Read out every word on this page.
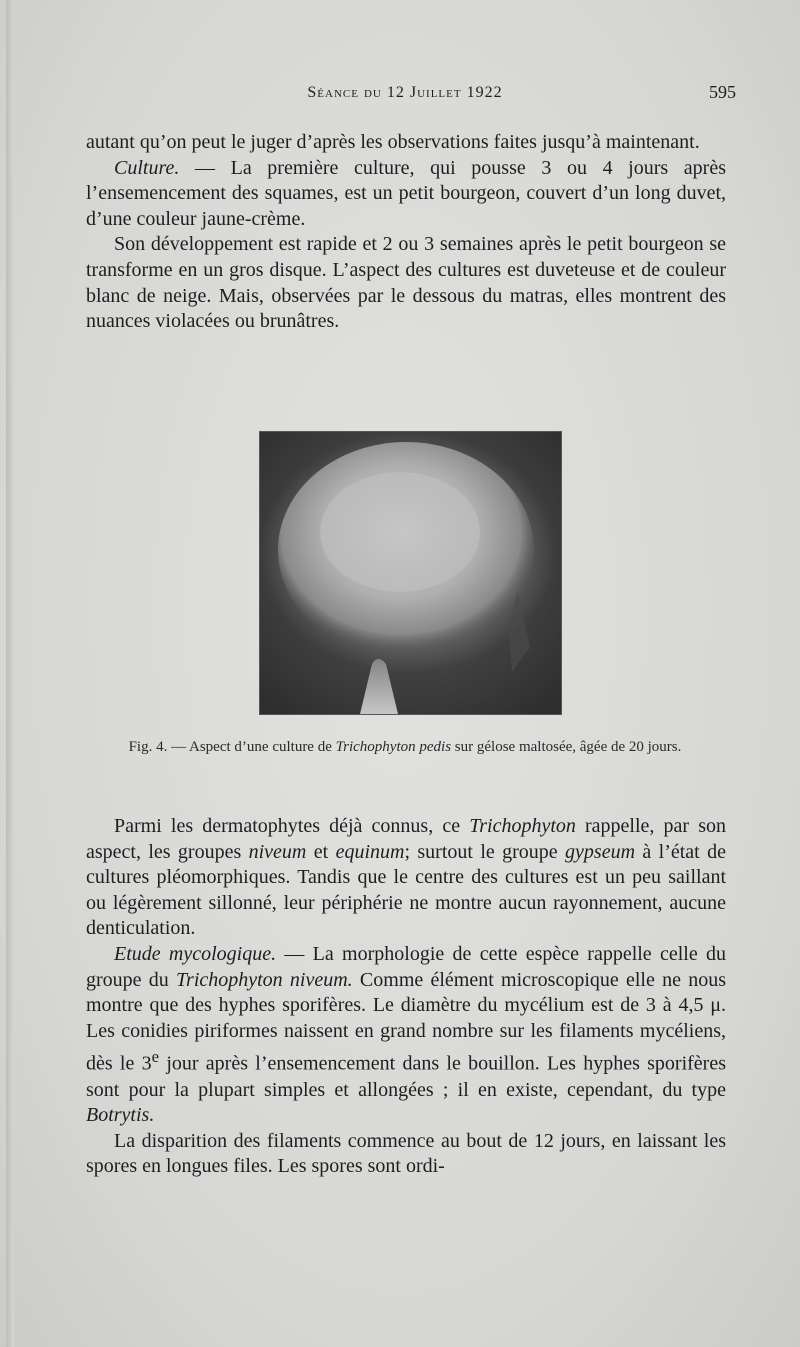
Séance du 12 Juillet 1922	595

autant qu’on peut le juger d’après les observations faites jusqu’à maintenant.

Culture. — La première culture, qui pousse 3 ou 4 jours après l’ensemencement des squames, est un petit bourgeon, couvert d’un long duvet, d’une couleur jaune-crème.

Son développement est rapide et 2 ou 3 semaines après le petit bourgeon se transforme en un gros disque. L’aspect des cultures est duveteuse et de couleur blanc de neige. Mais, observées par le dessous du matras, elles montrent des nuances violacées ou brunâtres.

Fig. 4. — Aspect d’une culture de Trichophyton pedis sur gélose maltosée, âgée de 20 jours.

Parmi les dermatophytes déjà connus, ce Trichophyton rappelle, par son aspect, les groupes niveum et equinum; surtout le groupe gypseum à l’état de cultures pléomorphiques. Tandis que le centre des cultures est un peu saillant ou légèrement sillonné, leur périphérie ne montre aucun rayonnement, aucune denticulation.

Etude mycologique. — La morphologie de cette espèce rappelle celle du groupe du Trichophyton niveum. Comme élément microscopique elle ne nous montre que des hyphes sporifères. Le diamètre du mycélium est de 3 à 4,5 μ. Les conidies piriformes naissent en grand nombre sur les filaments mycéliens, dès le 3e jour après l’ensemencement dans le bouillon. Les hyphes sporifères sont pour la plupart simples et allongées ; il en existe, cependant, du type Botrytis.

La disparition des filaments commence au bout de 12 jours, en laissant les spores en longues files. Les spores sont ordi-
